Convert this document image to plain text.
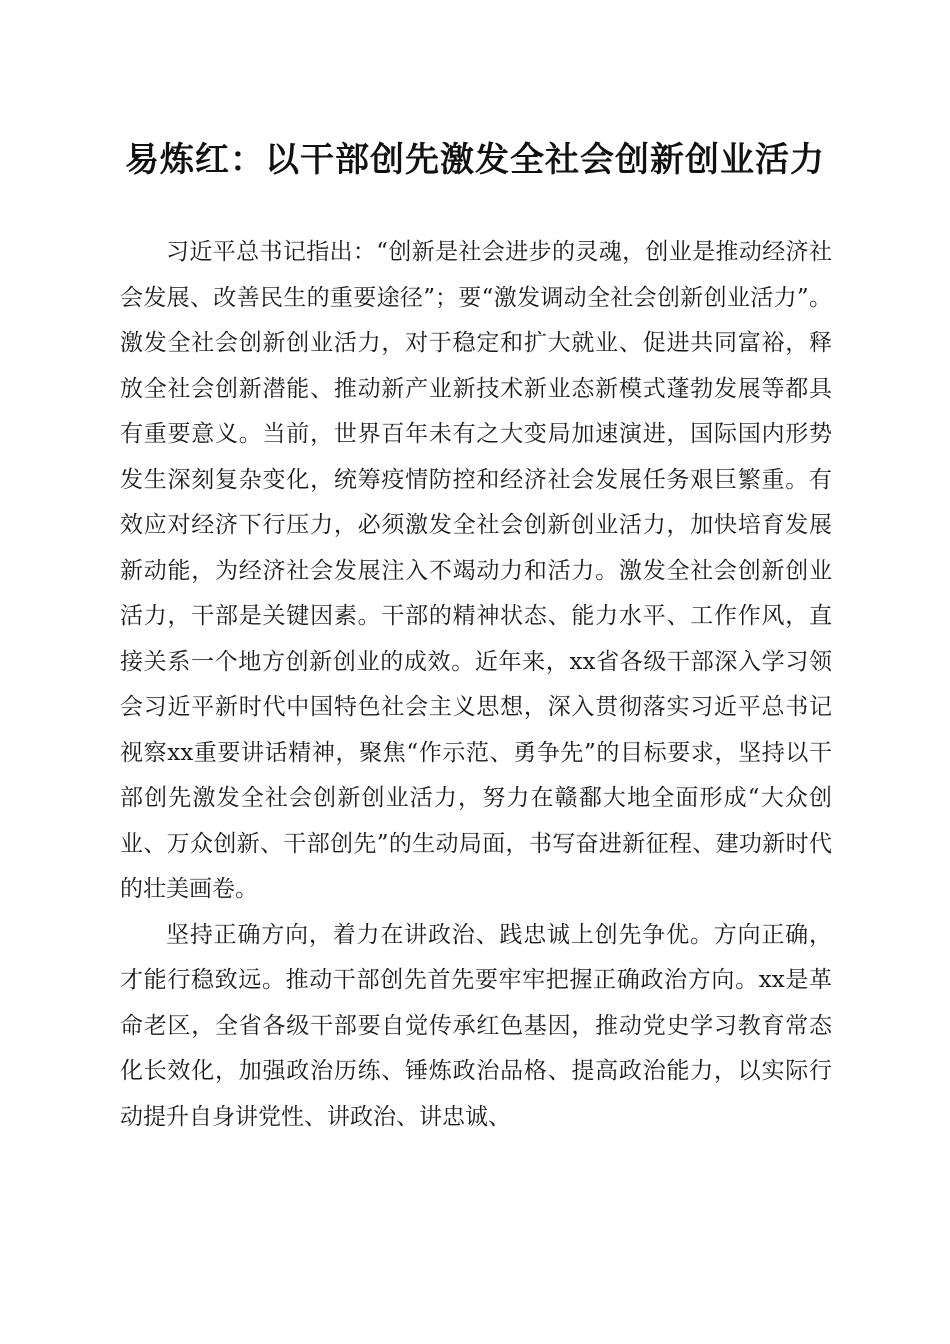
易炼红：以干部创先激发全社会创新创业活力

习近平总书记指出：“创新是社会进步的灵魂，创业是推动经济社会发展、改善民生的重要途径”；要“激发调动全社会创新创业活力”。激发全社会创新创业活力，对于稳定和扩大就业、促进共同富裕，释放全社会创新潜能、推动新产业新技术新业态新模式蓬勃发展等都具有重要意义。当前，世界百年未有之大变局加速演进，国际国内形势发生深刻复杂变化，统筹疫情防控和经济社会发展任务艰巨繁重。有效应对经济下行压力，必须激发全社会创新创业活力，加快培育发展新动能，为经济社会发展注入不竭动力和活力。激发全社会创新创业活力，干部是关键因素。干部的精神状态、能力水平、工作作风，直接关系一个地方创新创业的成效。近年来，xx省各级干部深入学习领会习近平新时代中国特色社会主义思想，深入贯彻落实习近平总书记视察xx重要讲话精神，聚焦“作示范、勇争先”的目标要求，坚持以干部创先激发全社会创新创业活力，努力在赣鄱大地全面形成“大众创业、万众创新、干部创先”的生动局面，书写奋进新征程、建功新时代的壮美画卷。

坚持正确方向，着力在讲政治、践忠诚上创先争优。方向正确，才能行稳致远。推动干部创先首先要牢牢把握正确政治方向。xx是革命老区，全省各级干部要自觉传承红色基因，推动党史学习教育常态化长效化，加强政治历练、锤炼政治品格、提高政治能力，以实际行动提升自身讲党性、讲政治、讲忠诚、
